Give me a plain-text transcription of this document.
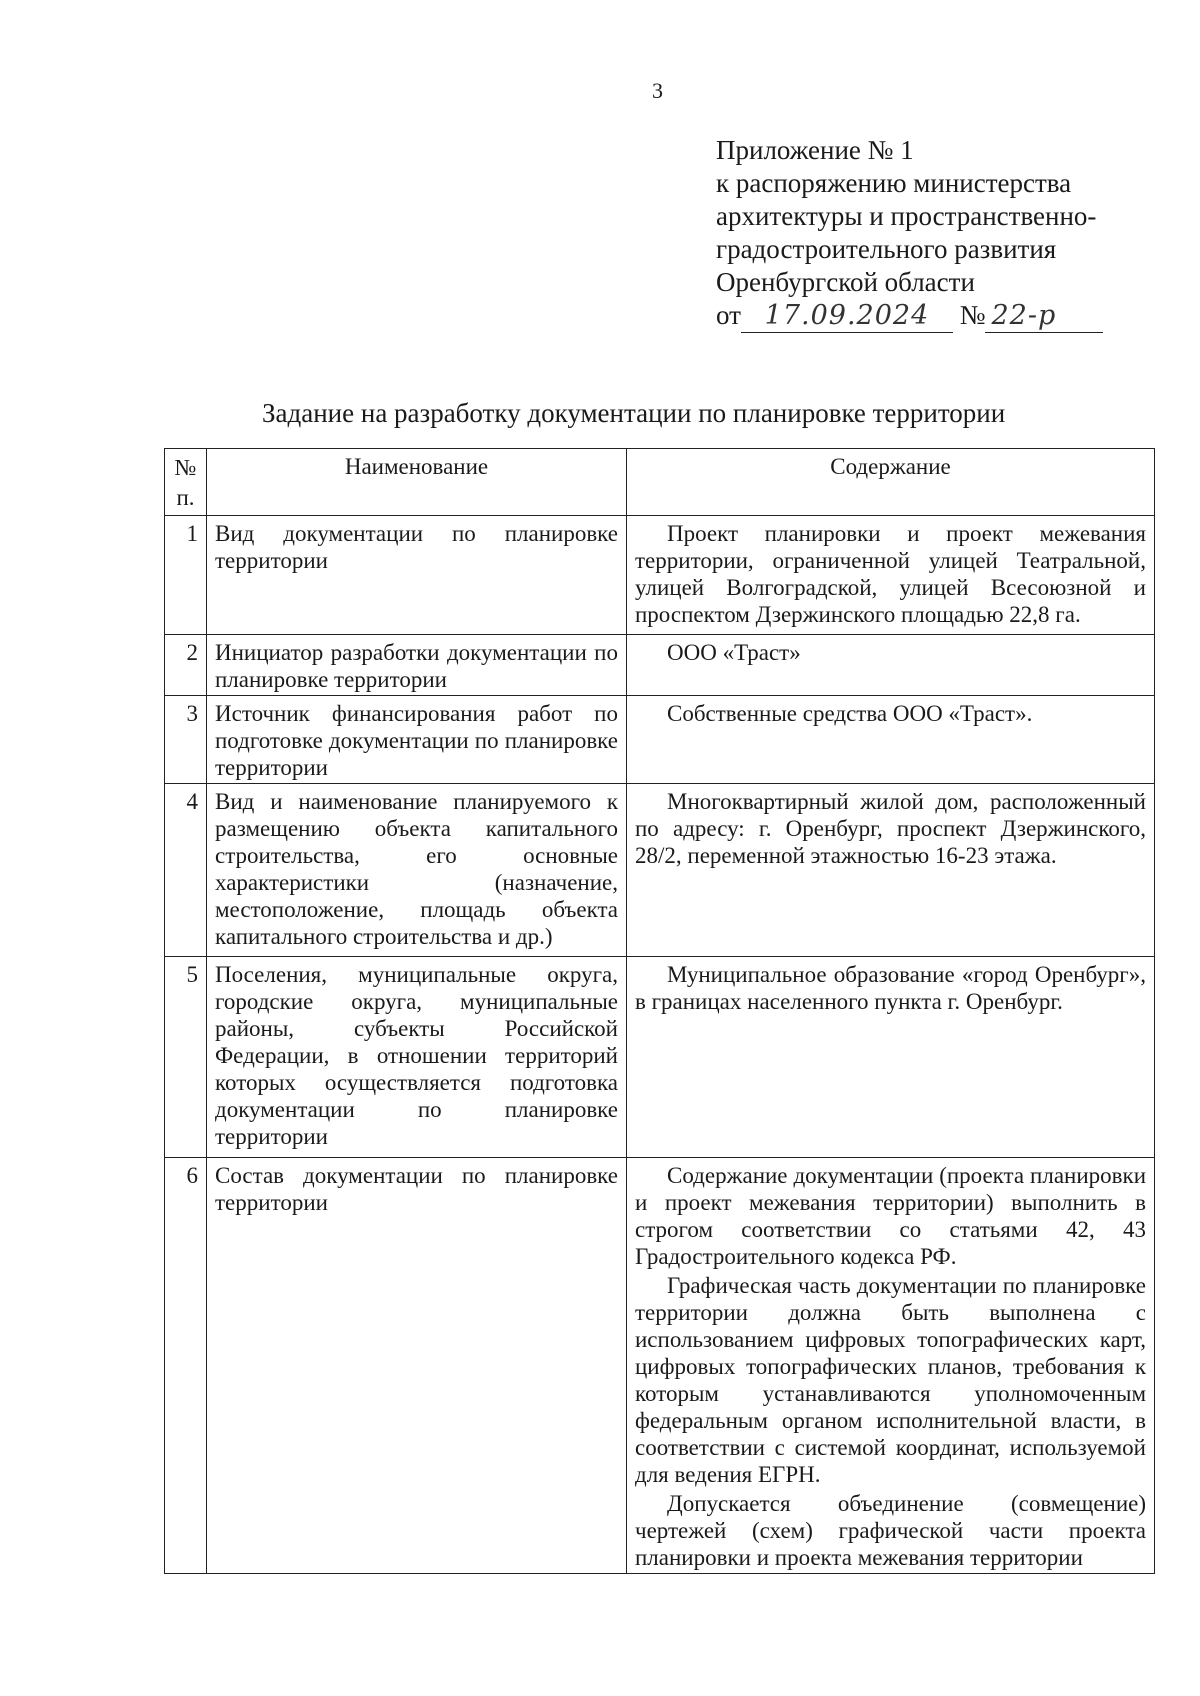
3
Приложение № 1
к распоряжению министерства
архитектуры и пространственно-
градостроительного развития
Оренбургской области
от 17.09.2024 № 22-р
Задание на разработку документации по планировке территории
№ п.	Наименование	Содержание
1	Вид документации по планировке территории	Проект планировки и проект межевания территории, ограниченной улицей Театральной, улицей Волгоградской, улицей Всесоюзной и проспектом Дзержинского площадью 22,8 га.

2	Инициатор разработки документации по планировке территории	ООО «Траст»

3	Источник финансирования работ по подготовке документации по планировке территории	Собственные средства ООО «Траст».

4	Вид и наименование планируемого к размещению объекта капитального строительства, его основные характеристики (назначение, местоположение, площадь объекта капитального строительства и др.)	Многоквартирный жилой дом, расположенный по адресу: г. Оренбург, проспект Дзержинского, 28/2, переменной этажностью 16-23 этажа.

5	Поселения, муниципальные округа, городские округа, муниципальные районы, субъекты Российской Федерации, в отношении территорий которых осуществляется подготовка документации по планировке территории	Муниципальное образование «город Оренбург», в границах населенного пункта г. Оренбург.

6	Состав документации по планировке территории	Содержание документации (проекта планировки и проект межевания территории) выполнить в строгом соответствии со статьями 42, 43 Градостроительного кодекса РФ.
Графическая часть документации по планировке территории должна быть выполнена с использованием цифровых топографических карт, цифровых топографических планов, требования к которым устанавливаются уполномоченным федеральным органом исполнительной власти, в соответствии с системой координат, используемой для ведения ЕГРН.
Допускается объединение (совмещение) чертежей (схем) графической части проекта планировки и проекта межевания территории
